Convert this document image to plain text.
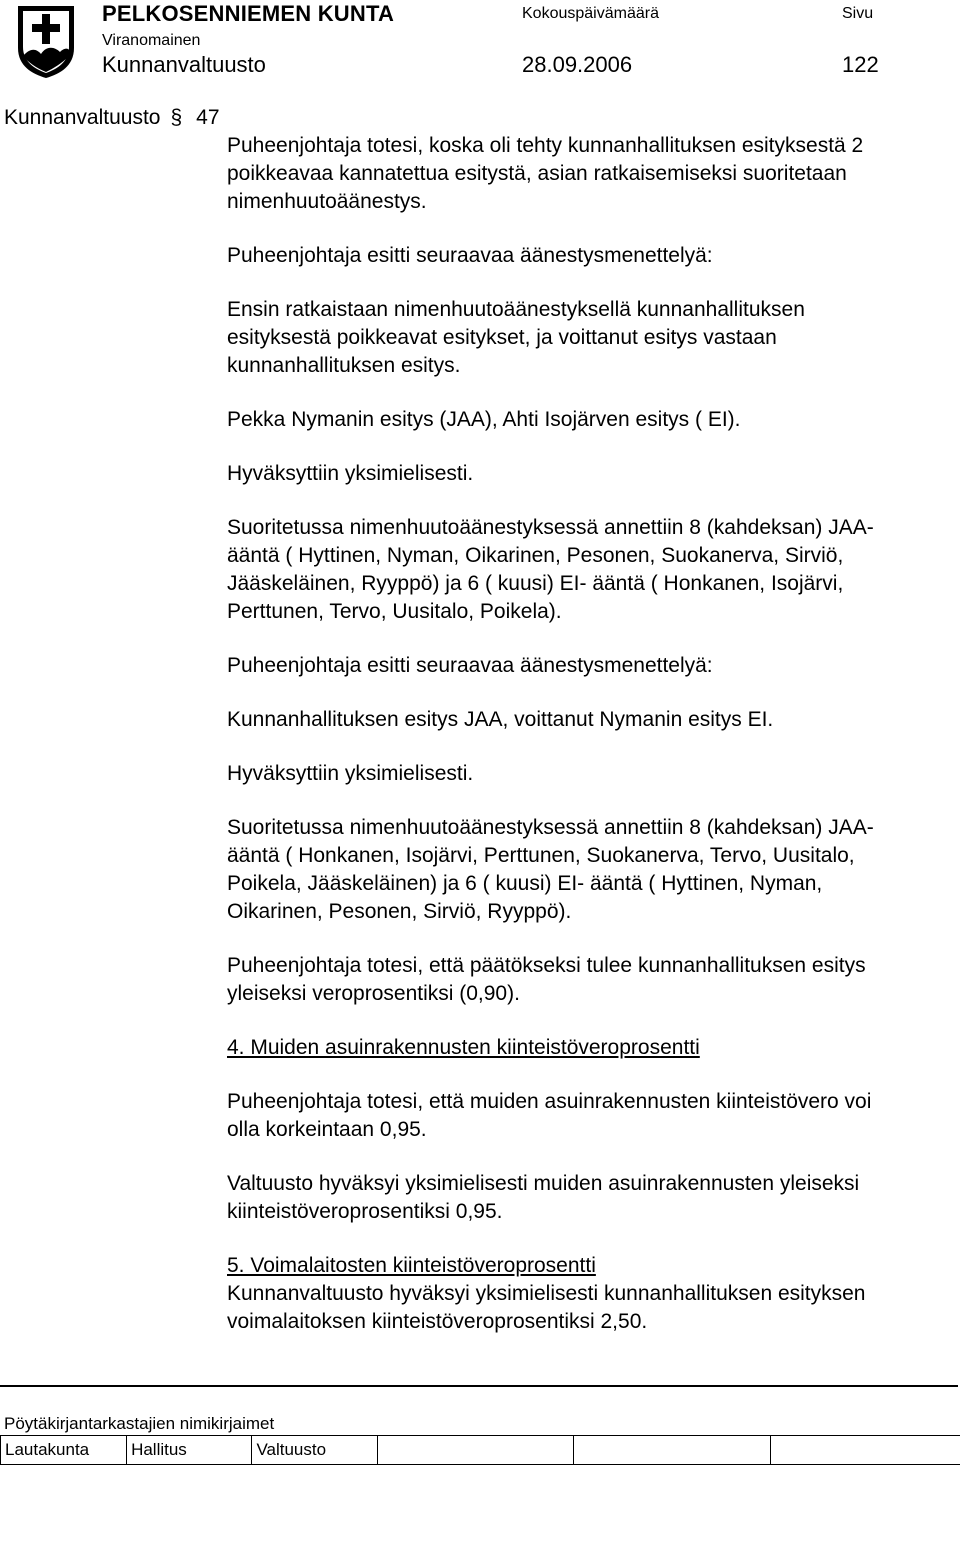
PELKOSENNIEMEN KUNTA
Viranomainen
Kunnanvaltuusto
Kokouspäivämäärä
28.09.2006
Sivu
122
Kunnanvaltuusto § 47

Puheenjohtaja totesi, koska oli tehty kunnanhallituksen esityksestä 2 poikkeavaa kannatettua esitystä, asian ratkaisemiseksi suoritetaan nimenhuutoäänestys.

Puheenjohtaja esitti seuraavaa äänestysmenettelyä:

Ensin ratkaistaan nimenhuutoäänestyksellä kunnanhallituksen esityksestä poikkeavat esitykset, ja voittanut esitys vastaan kunnanhallituksen esitys.

Pekka Nymanin esitys (JAA), Ahti Isojärven esitys ( EI).

Hyväksyttiin yksimielisesti.

Suoritetussa nimenhuutoäänestyksessä annettiin 8 (kahdeksan) JAA- ääntä ( Hyttinen, Nyman, Oikarinen, Pesonen, Suokanerva, Sirviö, Jääskeläinen, Ryyppö) ja 6 ( kuusi) EI- ääntä ( Honkanen, Isojärvi, Perttunen, Tervo, Uusitalo, Poikela).

Puheenjohtaja esitti seuraavaa äänestysmenettelyä:

Kunnanhallituksen esitys JAA, voittanut Nymanin esitys EI.

Hyväksyttiin yksimielisesti.

Suoritetussa nimenhuutoäänestyksessä annettiin 8 (kahdeksan) JAA- ääntä ( Honkanen, Isojärvi, Perttunen, Suokanerva, Tervo, Uusitalo, Poikela, Jääskeläinen) ja 6 ( kuusi) EI- ääntä ( Hyttinen, Nyman, Oikarinen, Pesonen, Sirviö, Ryyppö).

Puheenjohtaja totesi, että päätökseksi tulee kunnanhallituksen esitys yleiseksi veroprosentiksi (0,90).

4. Muiden asuinrakennusten kiinteistöveroprosentti

Puheenjohtaja totesi, että muiden asuinrakennusten kiinteistövero voi olla korkeintaan 0,95.

Valtuusto hyväksyi yksimielisesti muiden asuinrakennusten yleiseksi kiinteistöveroprosentiksi 0,95.

5. Voimalaitosten kiinteistöveroprosentti

Kunnanvaltuusto hyväksyi yksimielisesti kunnanhallituksen esityksen voimalaitoksen kiinteistöveroprosentiksi 2,50.

Pöytäkirjantarkastajien nimikirjaimet
Lautakunta	Hallitus	Valtuusto			
